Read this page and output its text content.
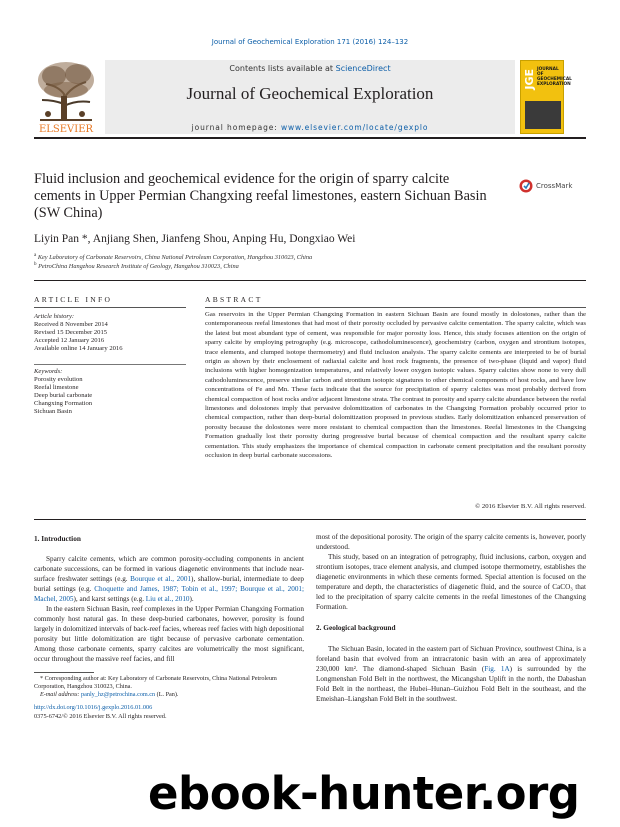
Journal of Geochemical Exploration 171 (2016) 124–132
ELSEVIER
Contents lists available at ScienceDirect
Journal of Geochemical Exploration
journal homepage: www.elsevier.com/locate/gexplo
JGE JOURNAL OF GEOCHEMICAL EXPLORATION
Fluid inclusion and geochemical evidence for the origin of sparry calcite cements in Upper Permian Changxing reefal limestones, eastern Sichuan Basin (SW China)
CrossMark
Liyin Pan *, Anjiang Shen, Jianfeng Shou, Anping Hu, Dongxiao Wei
$^a$ Key Laboratory of Carbonate Reservoirs, China National Petroleum Corporation, Hangzhou 310023, China
$^b$ PetroChina Hangzhou Research Institute of Geology, Hangzhou 310023, China
ARTICLE INFO
Article history:
Received 8 November 2014
Revised 15 December 2015
Accepted 12 January 2016
Available online 14 January 2016
Keywords:
Porosity evolution
Reefal limestone
Deep burial carbonate
Changxing Formation
Sichuan Basin
ABSTRACT
Gas reservoirs in the Upper Permian Changxing Formation in eastern Sichuan Basin are found mostly in dolostones, rather than the contemporaneous reefal limestones that had most of their porosity occluded by pervasive calcite cementation. The sparry calcite, which was the latest but most abundant type of cement, was responsible for major porosity loss. Hence, this study focuses attention on the origin of sparry calcite by employing petrography (e.g. microscope, cathodoluminescence), geochemistry (carbon, oxygen and strontium isotopes, trace elements, and clumped isotope thermometry) and fluid inclusion analysis. The sparry calcite cements are interpreted to be of burial origin as shown by their enclosement of radiaxial calcite and host rock fragments, the presence of two-phase (liquid and vapor) fluid inclusions with higher homogenization temperatures, and relatively lower oxygen isotopic values. Sparry calcites show none to very dull cathodoluminescence, preserve similar carbon and strontium isotopic signatures to other chemical components of host rocks, and have low concentrations of Fe and Mn. These facts indicate that the source for precipitation of sparry calcites was most probably derived from chemical compaction of host rocks and/or adjacent limestone strata. The contrast in porosity and sparry calcite abundance between the reefal limestones and dolostones imply that pervasive dolomitization of carbonates in the Changxing Formation probably occurred prior to chemical compaction, rather than deep-burial dolomitization proposed in previous studies. Early dolomitization enhanced preservation of porosity because the dolostones were more resistant to chemical compaction than the limestones. Reefal limestones in the Changxing Formation gradually lost their porosity during progressive burial because of chemical compaction and the resultant sparry calcite cementation. This study emphasizes the importance of chemical compaction in carbonate cement precipitation and the resultant porosity occlusion in deep burial carbonate successions.
© 2016 Elsevier B.V. All rights reserved.
1. Introduction

Sparry calcite cements, which are common porosity-occluding components in ancient carbonate successions, can be formed in various diagenetic environments that include near-surface freshwater settings (e.g. Bourque et al., 2001), shallow-burial, intermediate to deep burial settings (e.g. Choquette and James, 1987; Tobin et al., 1997; Bourque et al., 2001; Machel, 2005), and karst settings (e.g. Liu et al., 2010).

In the eastern Sichuan Basin, reef complexes in the Upper Permian Changxing Formation commonly host natural gas. In these deep-buried carbonates, however, porosity is found largely in dolomitized intervals of back-reef facies, whereas reef facies with high depositional porosity but little dolomitization are tight because of pervasive carbonate cementation. Among those carbonate cements, sparry calcites are volumetrically the most significant, occur throughout the massive reef facies, and fill

* Corresponding author at: Key Laboratory of Carbonate Reservoirs, China National Petroleum Corporation, Hangzhou 310023, China.
E-mail address: panly_hz@petrochina.com.cn (L. Pan).
http://dx.doi.org/10.1016/j.gexplo.2016.01.006
0375-6742/© 2016 Elsevier B.V. All rights reserved.

most of the depositional porosity. The origin of the sparry calcite cements is, however, poorly understood.

This study, based on an integration of petrography, fluid inclusions, carbon, oxygen and strontium isotopes, trace element analysis, and clumped isotope thermometry, establishes the diagenetic environments in which these cements formed. Special attention is focused on the temperature and depth, the characteristics of diagenetic fluid, and the source of CaCO₃ that led to the precipitation of sparry calcite cements in the reefal limestones of the Changxing Formation.

2. Geological background

The Sichuan Basin, located in the eastern part of Sichuan Province, southwest China, is a foreland basin that evolved from an intracratonic basin with an area of approximately 230,000 km². The diamond-shaped Sichuan Basin (Fig. 1A) is surrounded by the Longmenshan Fold Belt in the northwest, the Micangshan Uplift in the north, the Dabashan Fold Belt in the northeast, the Hubei–Hunan–Guizhou Fold Belt in the southeast, and the Emeishan–Liangshan Fold Belt in the southwest.

ebook-hunter.org
